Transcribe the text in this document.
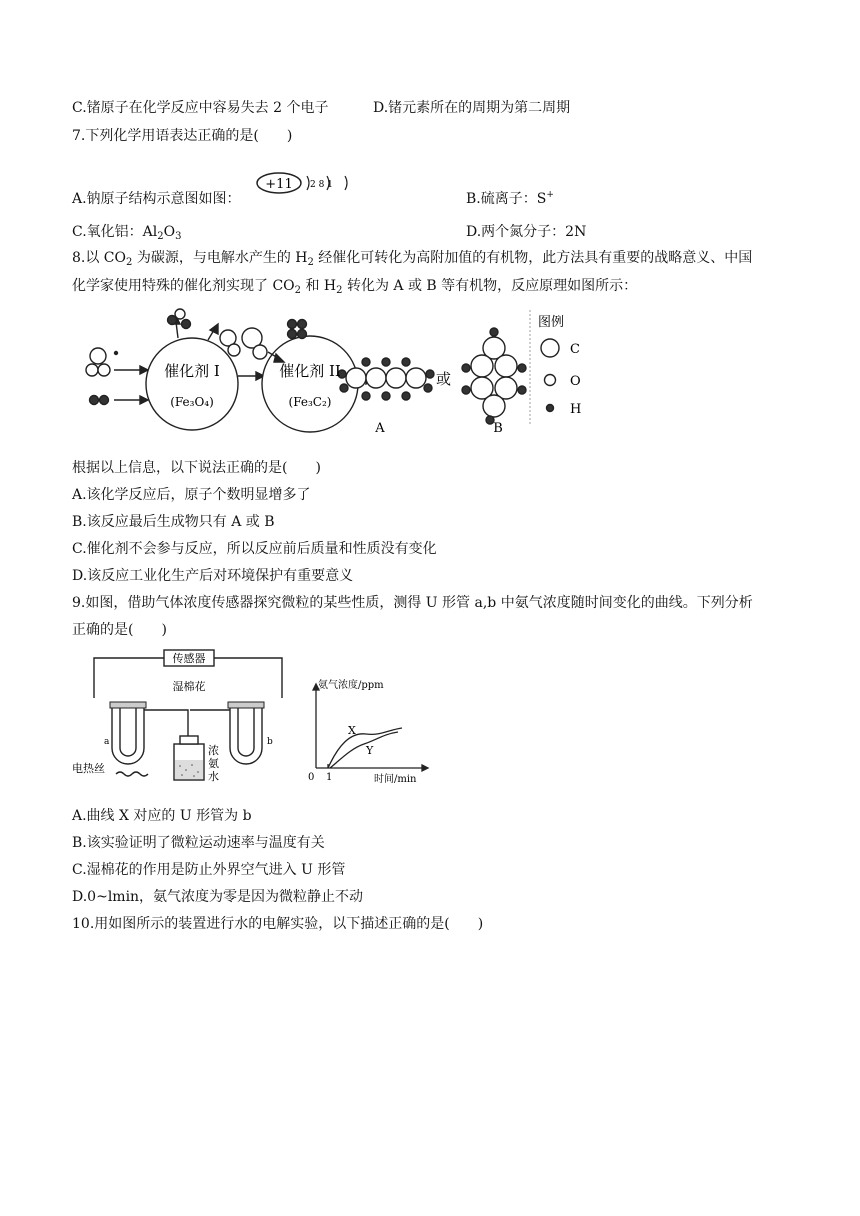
C.锗原子在化学反应中容易失去 2 个电子	D.锗元素所在的周期为第二周期
7.下列化学用语表达正确的是(　　)
A.钠原子结构示意图如图：
+11 2 8 1
B.硫离子：S+
C.氧化铝：$Al_2O_3$	D.两个氮分子：2N
8.以 $CO_2$ 为碳源，与电解水产生的 $H_2$ 经催化可转化为高附加值的有机物，此方法具有重要的战略意义、中国
化学家使用特殊的催化剂实现了 $CO_2$ 和 $H_2$ 转化为 A 或 B 等有机物，反应原理如图所示：
催化剂 I
(Fe₃O₄)
催化剂 II
(Fe₃C₂)
或
A	B
图例
C
O
H
根据以上信息，以下说法正确的是(　　)
A.该化学反应后，原子个数明显增多了
B.该反应最后生成物只有 A 或 B
C.催化剂不会参与反应，所以反应前后质量和性质没有变化
D.该反应工业化生产后对环境保护有重要意义
9.如图，借助气体浓度传感器探究微粒的某些性质，测得 U 形管 a,b 中氨气浓度随时间变化的曲线。下列分析
正确的是(　　)
传感器
湿棉花
a	b
电热丝
浓
氨
水
氨气浓度/ppm
时间/min
0 1
X
Y
A.曲线 X 对应的 U 形管为 b
B.该实验证明了微粒运动速率与温度有关
C.湿棉花的作用是防止外界空气进入 U 形管
D.0~lmin，氨气浓度为零是因为微粒静止不动
10.用如图所示的装置进行水的电解实验，以下描述正确的是(　　)
